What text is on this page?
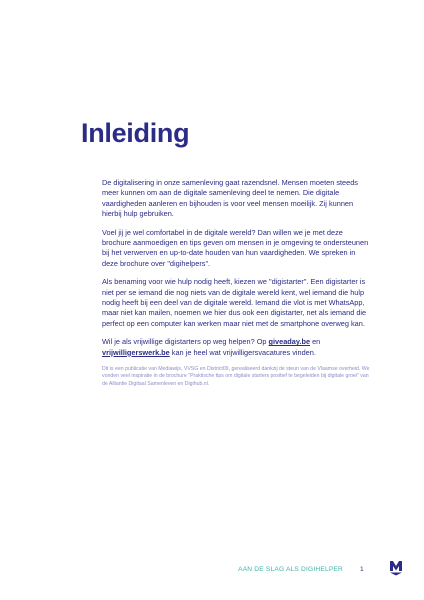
Inleiding

De digitalisering in onze samenleving gaat razendsnel. Mensen moeten steeds meer kunnen om aan de digitale samenleving deel te nemen. Die digitale vaardigheden aanleren en bijhouden is voor veel mensen moeilijk. Zij kunnen hierbij hulp gebruiken.

Voel jij je wel comfortabel in de digitale wereld? Dan willen we je met deze brochure aanmoedigen en tips geven om mensen in je omgeving te ondersteunen bij het verwerven en up-to-date houden van hun vaardigheden. We spreken in deze brochure over "digihelpers".

Als benaming voor wie hulp nodig heeft, kiezen we "digistarter". Een digistarter is niet per se iemand die nog niets van de digitale wereld kent, wel iemand die hulp nodig heeft bij een deel van de digitale wereld. Iemand die vlot is met WhatsApp, maar niet kan mailen, noemen we hier dus ook een digistarter, net als iemand die perfect op een computer kan werken maar niet met de smartphone overweg kan.

Wil je als vrijwillige digistarters op weg helpen? Op giveaday.be en vrijwilligerswerk.be kan je heel wat vrijwilligersvacatures vinden.

Dit is een publicatie van Mediawijs, VVSG en District09, gerealiseerd dankzij de steun van de Vlaamse overheid. We vonden veel inspiratie in de brochure "Praktische tips om digitale starters positief te begeleiden bij digitale groei" van de Alliantie Digitaal Samenleven en Digihub.nl.

AAN DE SLAG ALS DIGIHELPER	1
